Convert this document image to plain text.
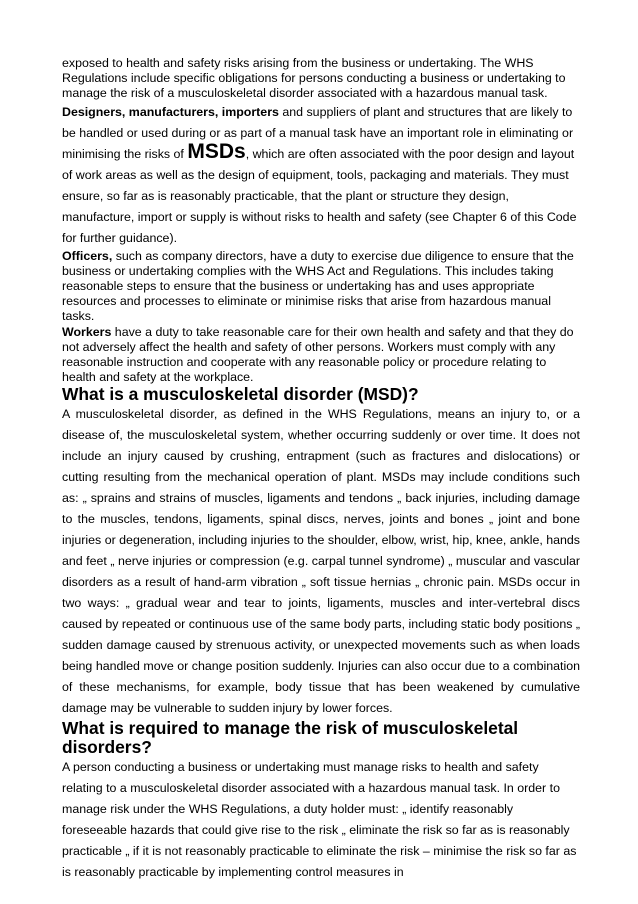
exposed to health and safety risks arising from the business or undertaking. The WHS Regulations include specific obligations for persons conducting a business or undertaking to manage the risk of a musculoskeletal disorder associated with a hazardous manual task.

Designers, manufacturers, importers and suppliers of plant and structures that are likely to be handled or used during or as part of a manual task have an important role in eliminating or minimising the risks of MSDs, which are often associated with the poor design and layout of work areas as well as the design of equipment, tools, packaging and materials. They must ensure, so far as is reasonably practicable, that the plant or structure they design, manufacture, import or supply is without risks to health and safety (see Chapter 6 of this Code for further guidance).

Officers, such as company directors, have a duty to exercise due diligence to ensure that the business or undertaking complies with the WHS Act and Regulations. This includes taking reasonable steps to ensure that the business or undertaking has and uses appropriate resources and processes to eliminate or minimise risks that arise from hazardous manual tasks.

Workers have a duty to take reasonable care for their own health and safety and that they do not adversely affect the health and safety of other persons. Workers must comply with any reasonable instruction and cooperate with any reasonable policy or procedure relating to health and safety at the workplace.

What is a musculoskeletal disorder (MSD)?

A musculoskeletal disorder, as defined in the WHS Regulations, means an injury to, or a disease of, the musculoskeletal system, whether occurring suddenly or over time. It does not include an injury caused by crushing, entrapment (such as fractures and dislocations) or cutting resulting from the mechanical operation of plant. MSDs may include conditions such as: „ sprains and strains of muscles, ligaments and tendons „ back injuries, including damage to the muscles, tendons, ligaments, spinal discs, nerves, joints and bones „ joint and bone injuries or degeneration, including injuries to the shoulder, elbow, wrist, hip, knee, ankle, hands and feet „ nerve injuries or compression (e.g. carpal tunnel syndrome) „ muscular and vascular disorders as a result of hand-arm vibration „ soft tissue hernias „ chronic pain. MSDs occur in two ways: „ gradual wear and tear to joints, ligaments, muscles and inter-vertebral discs caused by repeated or continuous use of the same body parts, including static body positions „ sudden damage caused by strenuous activity, or unexpected movements such as when loads being handled move or change position suddenly. Injuries can also occur due to a combination of these mechanisms, for example, body tissue that has been weakened by cumulative damage may be vulnerable to sudden injury by lower forces.

What is required to manage the risk of musculoskeletal disorders?

A person conducting a business or undertaking must manage risks to health and safety relating to a musculoskeletal disorder associated with a hazardous manual task. In order to manage risk under the WHS Regulations, a duty holder must: „ identify reasonably foreseeable hazards that could give rise to the risk „ eliminate the risk so far as is reasonably practicable „ if it is not reasonably practicable to eliminate the risk – minimise the risk so far as is reasonably practicable by implementing control measures in
